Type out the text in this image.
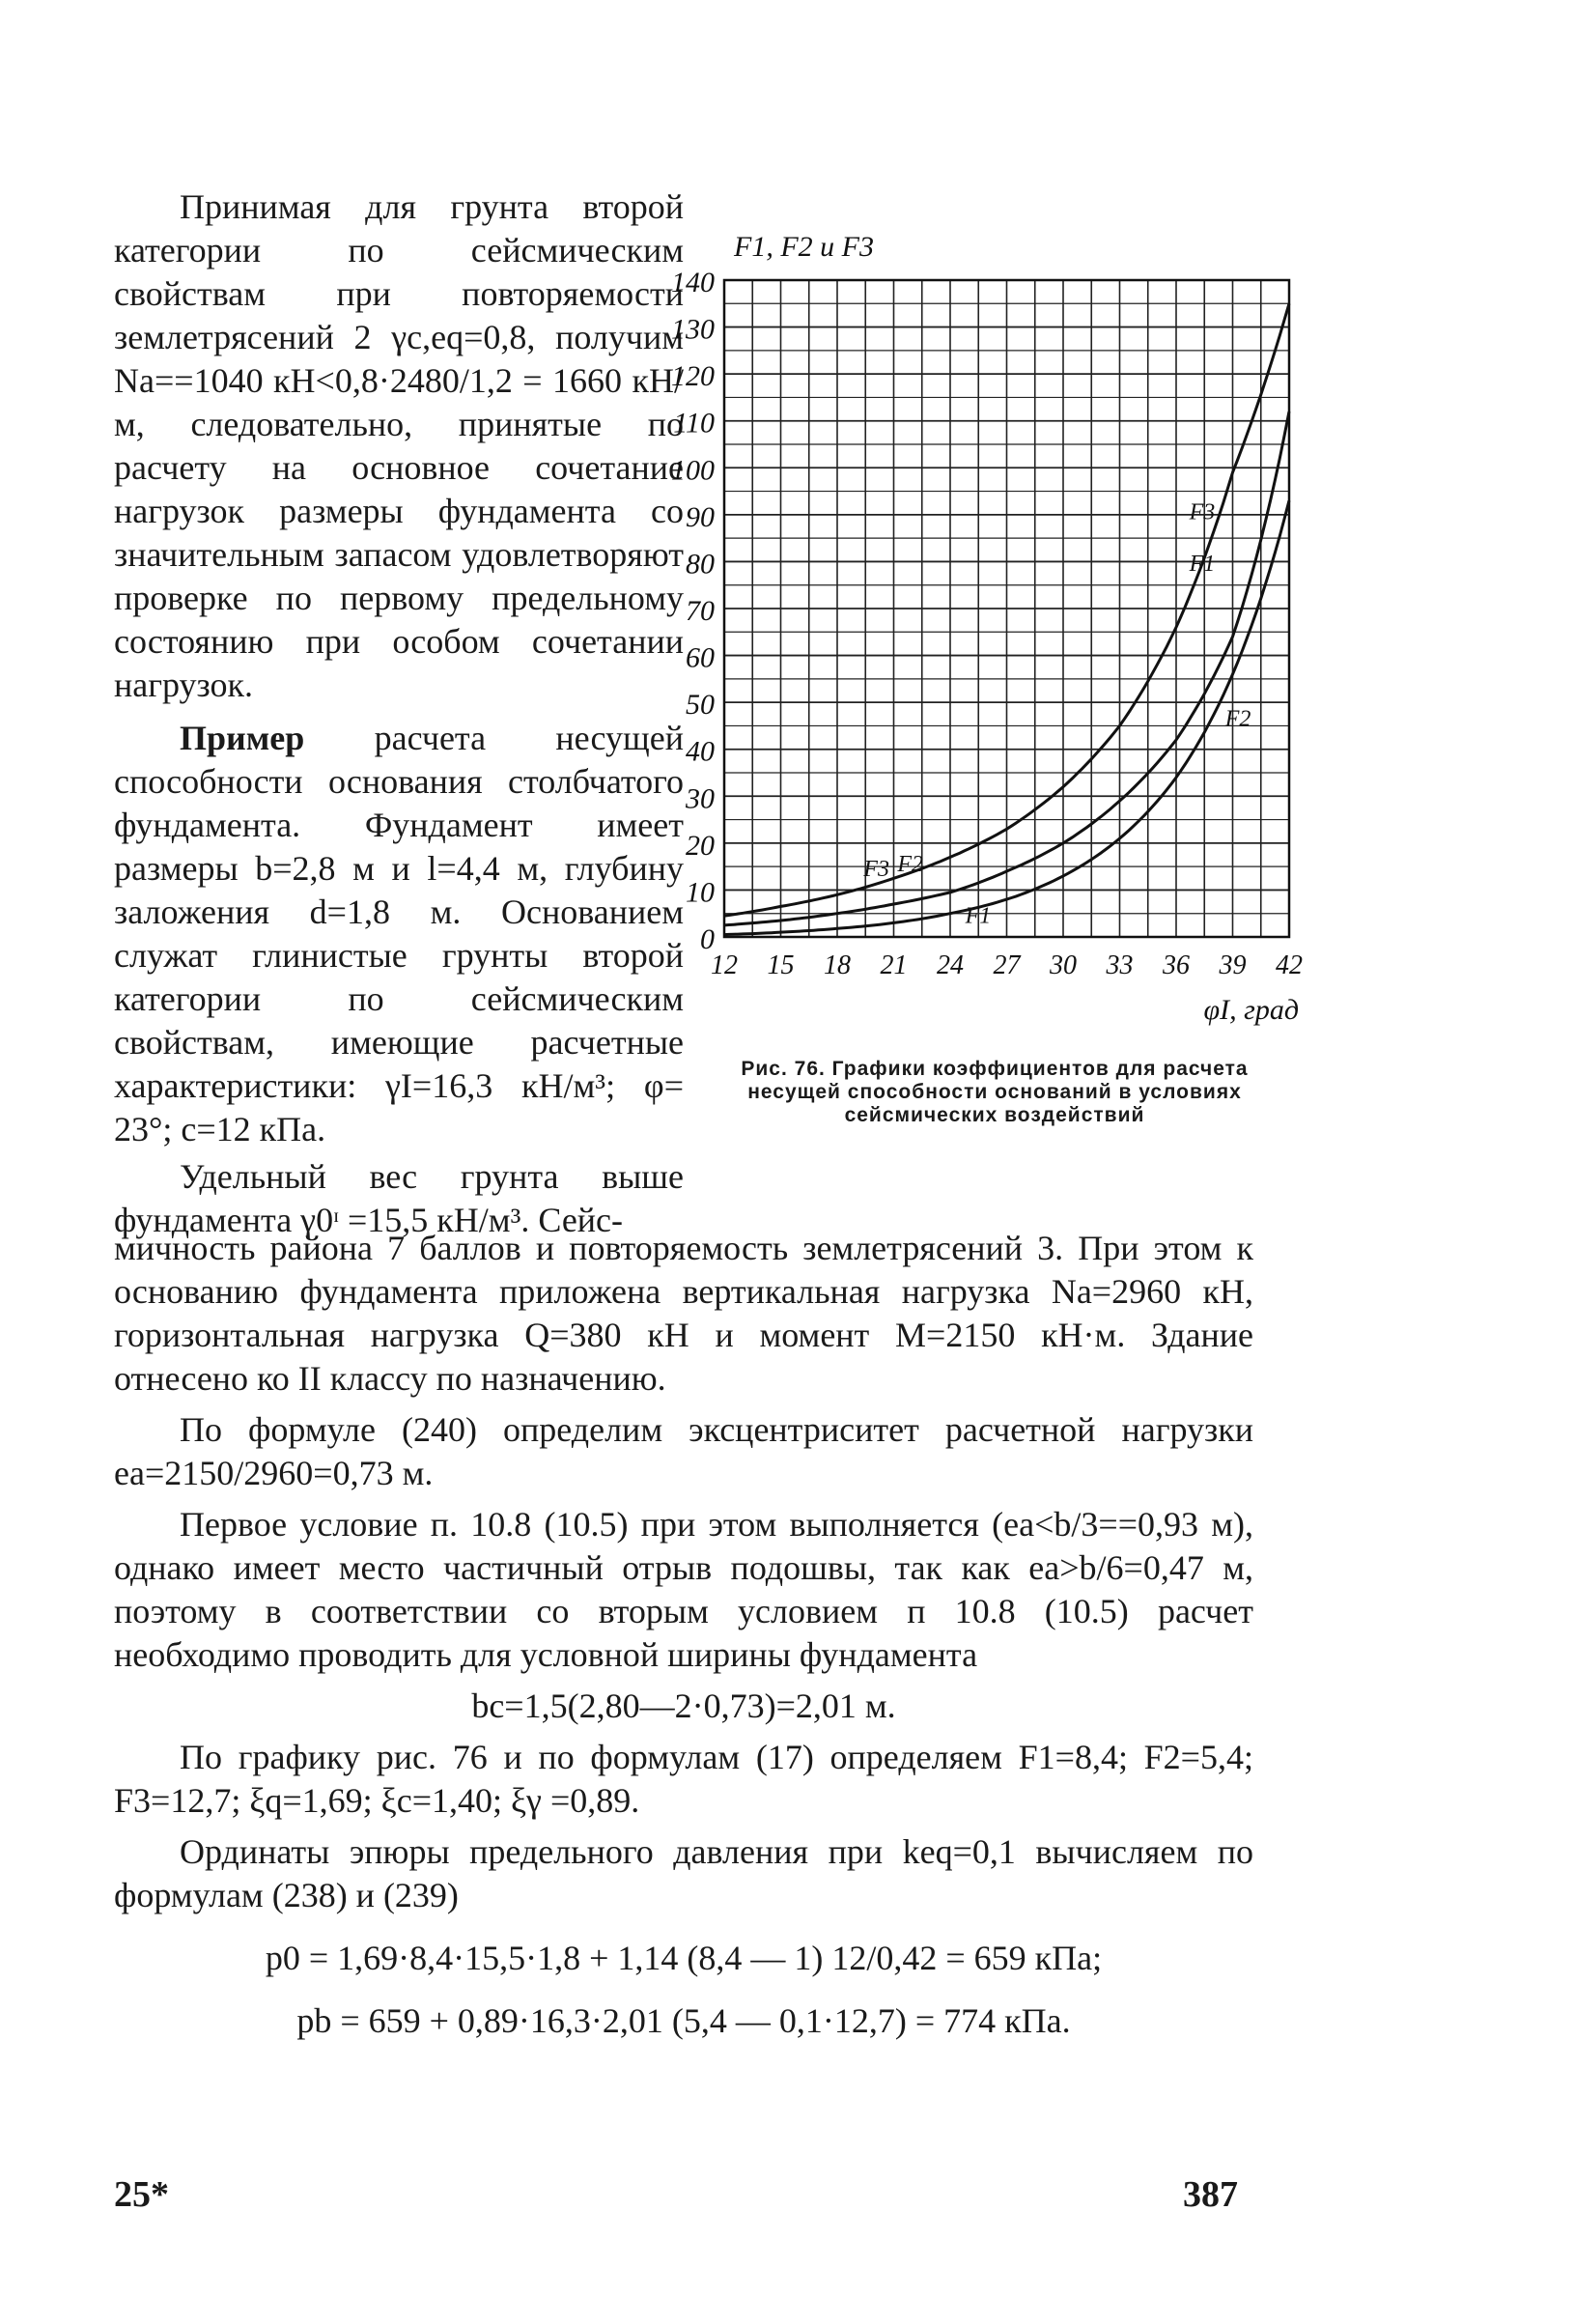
Принимая для грунта второй категории по сейсмическим свойствам при повторяемости землетрясений 2 γc,eq=0,8, получим Na==1040 кН<0,8·2480/1,2 = 1660 кН/м, следовательно, принятые по расчету на основное сочетание нагрузок размеры фундамента со значительным запасом удовлетворяют проверке по первому предельному состоянию при особом сочетании нагрузок.

Пример расчета несущей способности основания столбчатого фундамента. Фундамент имеет размеры b=2,8 м и l=4,4 м, глубину заложения d=1,8 м. Основанием служат глинистые грунты второй категории по сейсмическим свойствам, имеющие расчетные характеристики: γI=16,3 кН/м³; φ= 23°; c=12 кПа.

Удельный вес грунта выше фундамента γ0ᶦ =15,5 кН/м³. Сейс-

0
10
20
30
40
50
60
70
80
90
100
110
120
130
140
12 15 18 21 24 27 30 33 36 39 42
F1, F2 и F3
φI, град
F3
F1
F2
F3 F2
F1
Рис. 76. Графики коэффициентов для расчета несущей способности оснований в условиях сейсмических воздействий

мичность района 7 баллов и повторяемость землетрясений 3. При этом к основанию фундамента приложена вертикальная нагрузка Na=2960 кН, горизонтальная нагрузка Q=380 кН и момент M=2150 кН·м. Здание отнесено ко II классу по назначению.

По формуле (240) определим эксцентриситет расчетной нагрузки ea=2150/2960=0,73 м.

Первое условие п. 10.8 (10.5) при этом выполняется (ea<b/3==0,93 м), однако имеет место частичный отрыв подошвы, так как ea>b/6=0,47 м, поэтому в соответствии со вторым условием п 10.8 (10.5) расчет необходимо проводить для условной ширины фундамента

bc=1,5(2,80—2·0,73)=2,01 м.

По графику рис. 76 и по формулам (17) определяем F1=8,4; F2=5,4; F3=12,7; ξq=1,69; ξc=1,40; ξγ =0,89.

Ординаты эпюры предельного давления при keq=0,1 вычисляем по формулам (238) и (239)

p0 = 1,69·8,4·15,5·1,8 + 1,14 (8,4 — 1) 12/0,42 = 659 кПа;

pb = 659 + 0,89·16,3·2,01 (5,4 — 0,1·12,7) = 774 кПа.

25*	387
